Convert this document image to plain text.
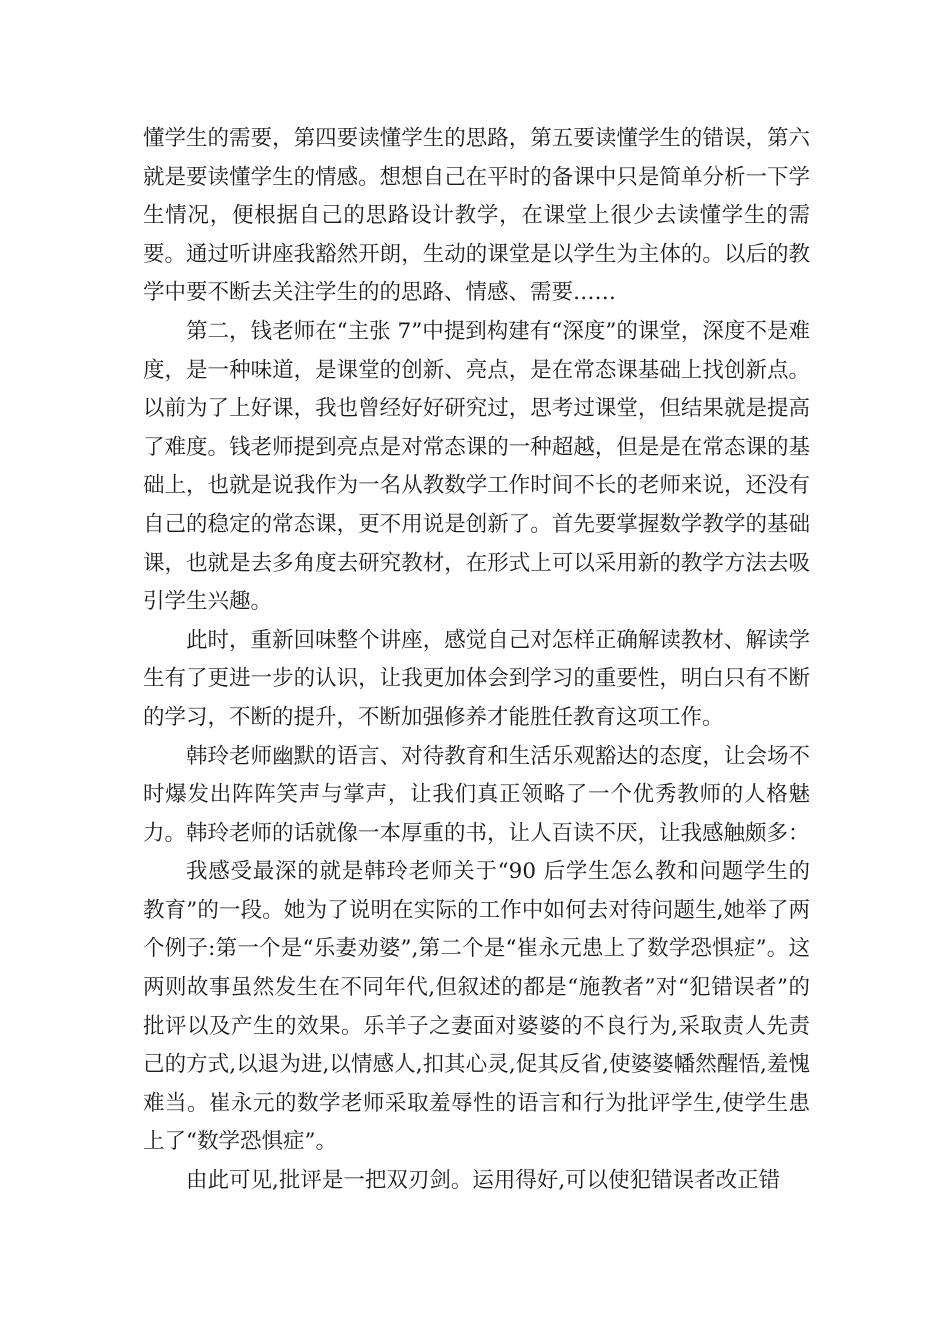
懂学生的需要，第四要读懂学生的思路，第五要读懂学生的错误，第六就是要读懂学生的情感。想想自己在平时的备课中只是简单分析一下学生情况，便根据自己的思路设计教学，在课堂上很少去读懂学生的需要。通过听讲座我豁然开朗，生动的课堂是以学生为主体的。以后的教学中要不断去关注学生的的思路、情感、需要……

第二，钱老师在“主张 7”中提到构建有“深度”的课堂，深度不是难度，是一种味道，是课堂的创新、亮点，是在常态课基础上找创新点。以前为了上好课，我也曾经好好研究过，思考过课堂，但结果就是提高了难度。钱老师提到亮点是对常态课的一种超越，但是是在常态课的基础上，也就是说我作为一名从教数学工作时间不长的老师来说，还没有自己的稳定的常态课，更不用说是创新了。首先要掌握数学教学的基础课，也就是去多角度去研究教材，在形式上可以采用新的教学方法去吸引学生兴趣。

此时，重新回味整个讲座，感觉自己对怎样正确解读教材、解读学生有了更进一步的认识，让我更加体会到学习的重要性，明白只有不断的学习，不断的提升，不断加强修养才能胜任教育这项工作。

韩玲老师幽默的语言、对待教育和生活乐观豁达的态度，让会场不时爆发出阵阵笑声与掌声，让我们真正领略了一个优秀教师的人格魅力。韩玲老师的话就像一本厚重的书，让人百读不厌，让我感触颇多：

我感受最深的就是韩玲老师关于“90 后学生怎么教和问题学生的教育”的一段。她为了说明在实际的工作中如何去对待问题生,她举了两个例子:第一个是“乐妻劝婆”,第二个是“崔永元患上了数学恐惧症”。这两则故事虽然发生在不同年代,但叙述的都是“施教者”对“犯错误者”的批评以及产生的效果。乐羊子之妻面对婆婆的不良行为,采取责人先责己的方式,以退为进,以情感人,扣其心灵,促其反省,使婆婆幡然醒悟,羞愧难当。崔永元的数学老师采取羞辱性的语言和行为批评学生,使学生患上了“数学恐惧症”。

由此可见,批评是一把双刃剑。运用得好,可以使犯错误者改正错
